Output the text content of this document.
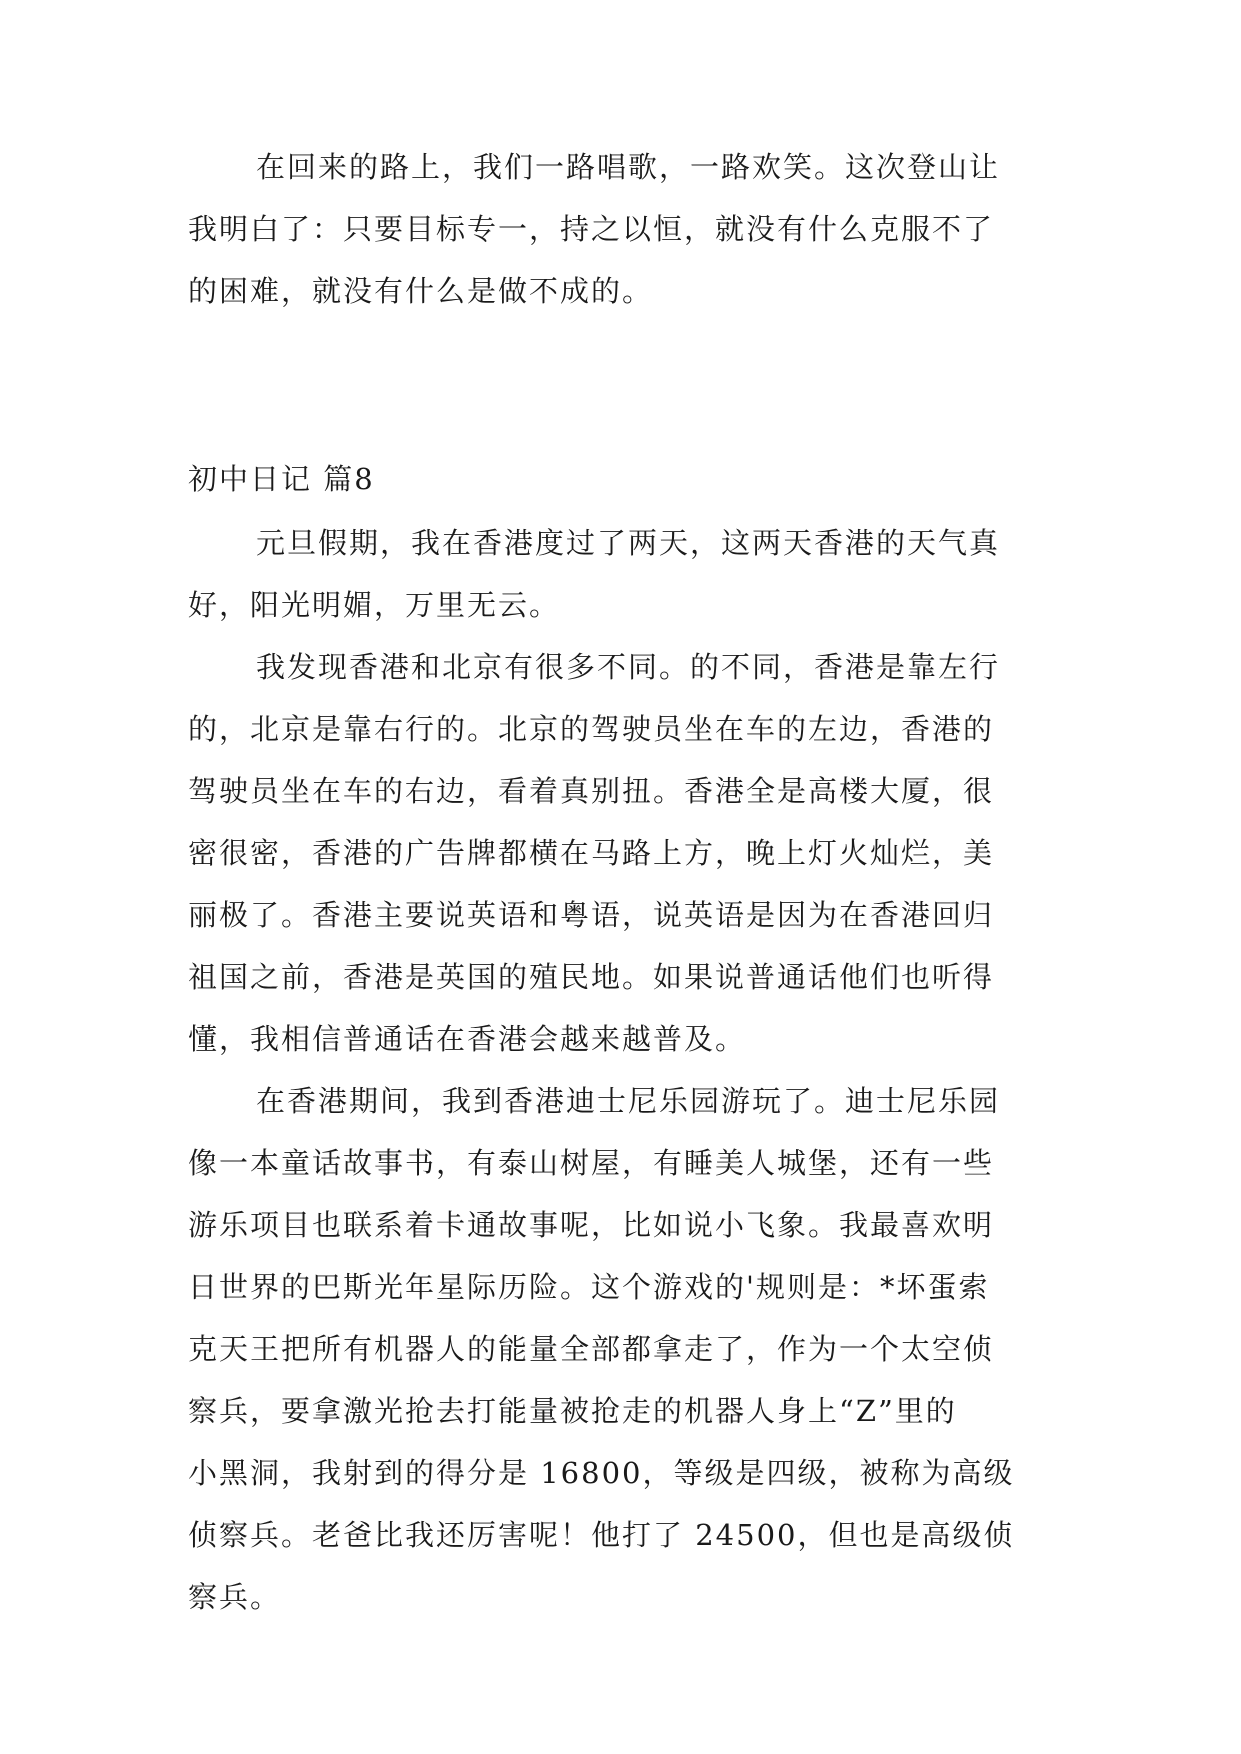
在回来的路上，我们一路唱歌，一路欢笑。这次登山让
我明白了：只要目标专一，持之以恒，就没有什么克服不了
的困难，就没有什么是做不成的。
初中日记 篇8
元旦假期，我在香港度过了两天，这两天香港的天气真
好，阳光明媚，万里无云。
我发现香港和北京有很多不同。的不同，香港是靠左行
的，北京是靠右行的。北京的驾驶员坐在车的左边，香港的
驾驶员坐在车的右边，看着真别扭。香港全是高楼大厦，很
密很密，香港的广告牌都横在马路上方，晚上灯火灿烂，美
丽极了。香港主要说英语和粤语，说英语是因为在香港回归
祖国之前，香港是英国的殖民地。如果说普通话他们也听得
懂，我相信普通话在香港会越来越普及。
在香港期间，我到香港迪士尼乐园游玩了。迪士尼乐园
像一本童话故事书，有泰山树屋，有睡美人城堡，还有一些
游乐项目也联系着卡通故事呢，比如说小飞象。我最喜欢明
日世界的巴斯光年星际历险。这个游戏的'规则是：*坏蛋索
克天王把所有机器人的能量全部都拿走了，作为一个太空侦
察兵，要拿激光抢去打能量被抢走的机器人身上“Z”里的
小黑洞，我射到的得分是 16800，等级是四级，被称为高级
侦察兵。老爸比我还厉害呢！他打了 24500，但也是高级侦
察兵。
